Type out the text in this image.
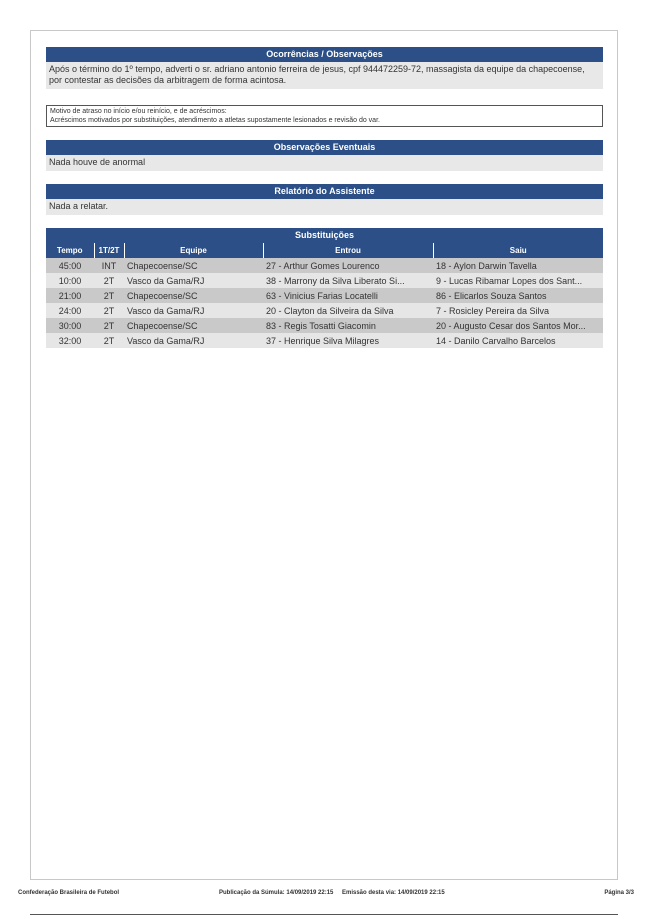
Ocorrências / Observações
Após o término do 1º tempo, adverti o sr. adriano antonio ferreira de jesus, cpf 944472259-72, massagista da equipe da chapecoense, por contestar as decisões da arbitragem de forma acintosa.
Motivo de atraso no início e/ou reinício, e de acréscimos:
Acréscimos motivados por substituições, atendimento a atletas supostamente lesionados e revisão do var.
Observações Eventuais
Nada houve de anormal
Relatório do Assistente
Nada a relatar.
Substituições
Tempo	1T/2T	Equipe	Entrou	Saiu
45:00	INT	Chapecoense/SC	27 - Arthur Gomes Lourenco	18 - Aylon Darwin Tavella
10:00	2T	Vasco da Gama/RJ	38 - Marrony da Silva Liberato Si...	9 - Lucas Ribamar Lopes dos Sant...
21:00	2T	Chapecoense/SC	63 - Vinicius Farias Locatelli	86 - Elicarlos Souza Santos
24:00	2T	Vasco da Gama/RJ	20 - Clayton da Silveira da Silva	7 - Rosicley Pereira da Silva
30:00	2T	Chapecoense/SC	83 - Regis Tosatti Giacomin	20 - Augusto Cesar dos Santos Mor...
32:00	2T	Vasco da Gama/RJ	37 - Henrique Silva Milagres	14 - Danilo Carvalho Barcelos
Confederação Brasileira de Futebol	Publicação da Súmula: 14/09/2019 22:15 Emissão desta via: 14/09/2019 22:15	Página 3/3
